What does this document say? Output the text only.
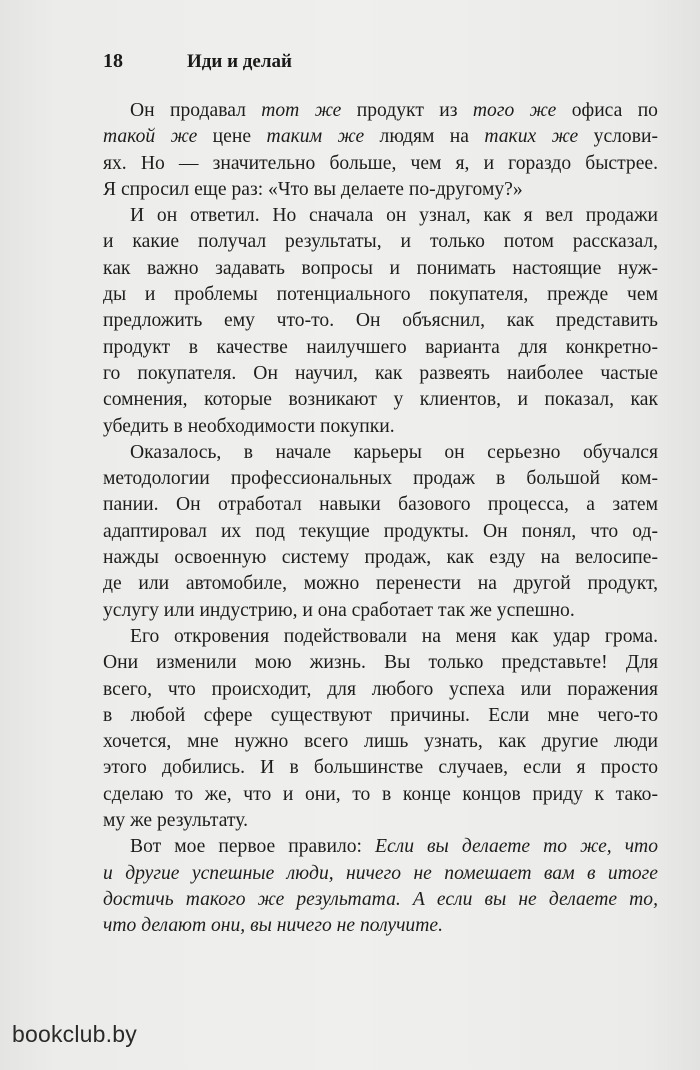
18	Иди и делай

Он продавал тот же продукт из того же офиса по
такой же цене таким же людям на таких же услови-
ях. Но — значительно больше, чем я, и гораздо быстрее.
Я спросил еще раз: «Что вы делаете по-другому?»

И он ответил. Но сначала он узнал, как я вел продажи
и какие получал результаты, и только потом рассказал,
как важно задавать вопросы и понимать настоящие нуж-
ды и проблемы потенциального покупателя, прежде чем
предложить ему что-то. Он объяснил, как представить
продукт в качестве наилучшего варианта для конкретно-
го покупателя. Он научил, как развеять наиболее частые
сомнения, которые возникают у клиентов, и показал, как
убедить в необходимости покупки.

Оказалось, в начале карьеры он серьезно обучался
методологии профессиональных продаж в большой ком-
пании. Он отработал навыки базового процесса, а затем
адаптировал их под текущие продукты. Он понял, что од-
нажды освоенную систему продаж, как езду на велосипе-
де или автомобиле, можно перенести на другой продукт,
услугу или индустрию, и она сработает так же успешно.

Его откровения подействовали на меня как удар грома.
Они изменили мою жизнь. Вы только представьте! Для
всего, что происходит, для любого успеха или поражения
в любой сфере существуют причины. Если мне чего-то
хочется, мне нужно всего лишь узнать, как другие люди
этого добились. И в большинстве случаев, если я просто
сделаю то же, что и они, то в конце концов приду к тако-
му же результату.

Вот мое первое правило: Если вы делаете то же, что
и другие успешные люди, ничего не помешает вам в итоге
достичь такого же результата. А если вы не делаете то,
что делают они, вы ничего не получите.

bookclub.by
